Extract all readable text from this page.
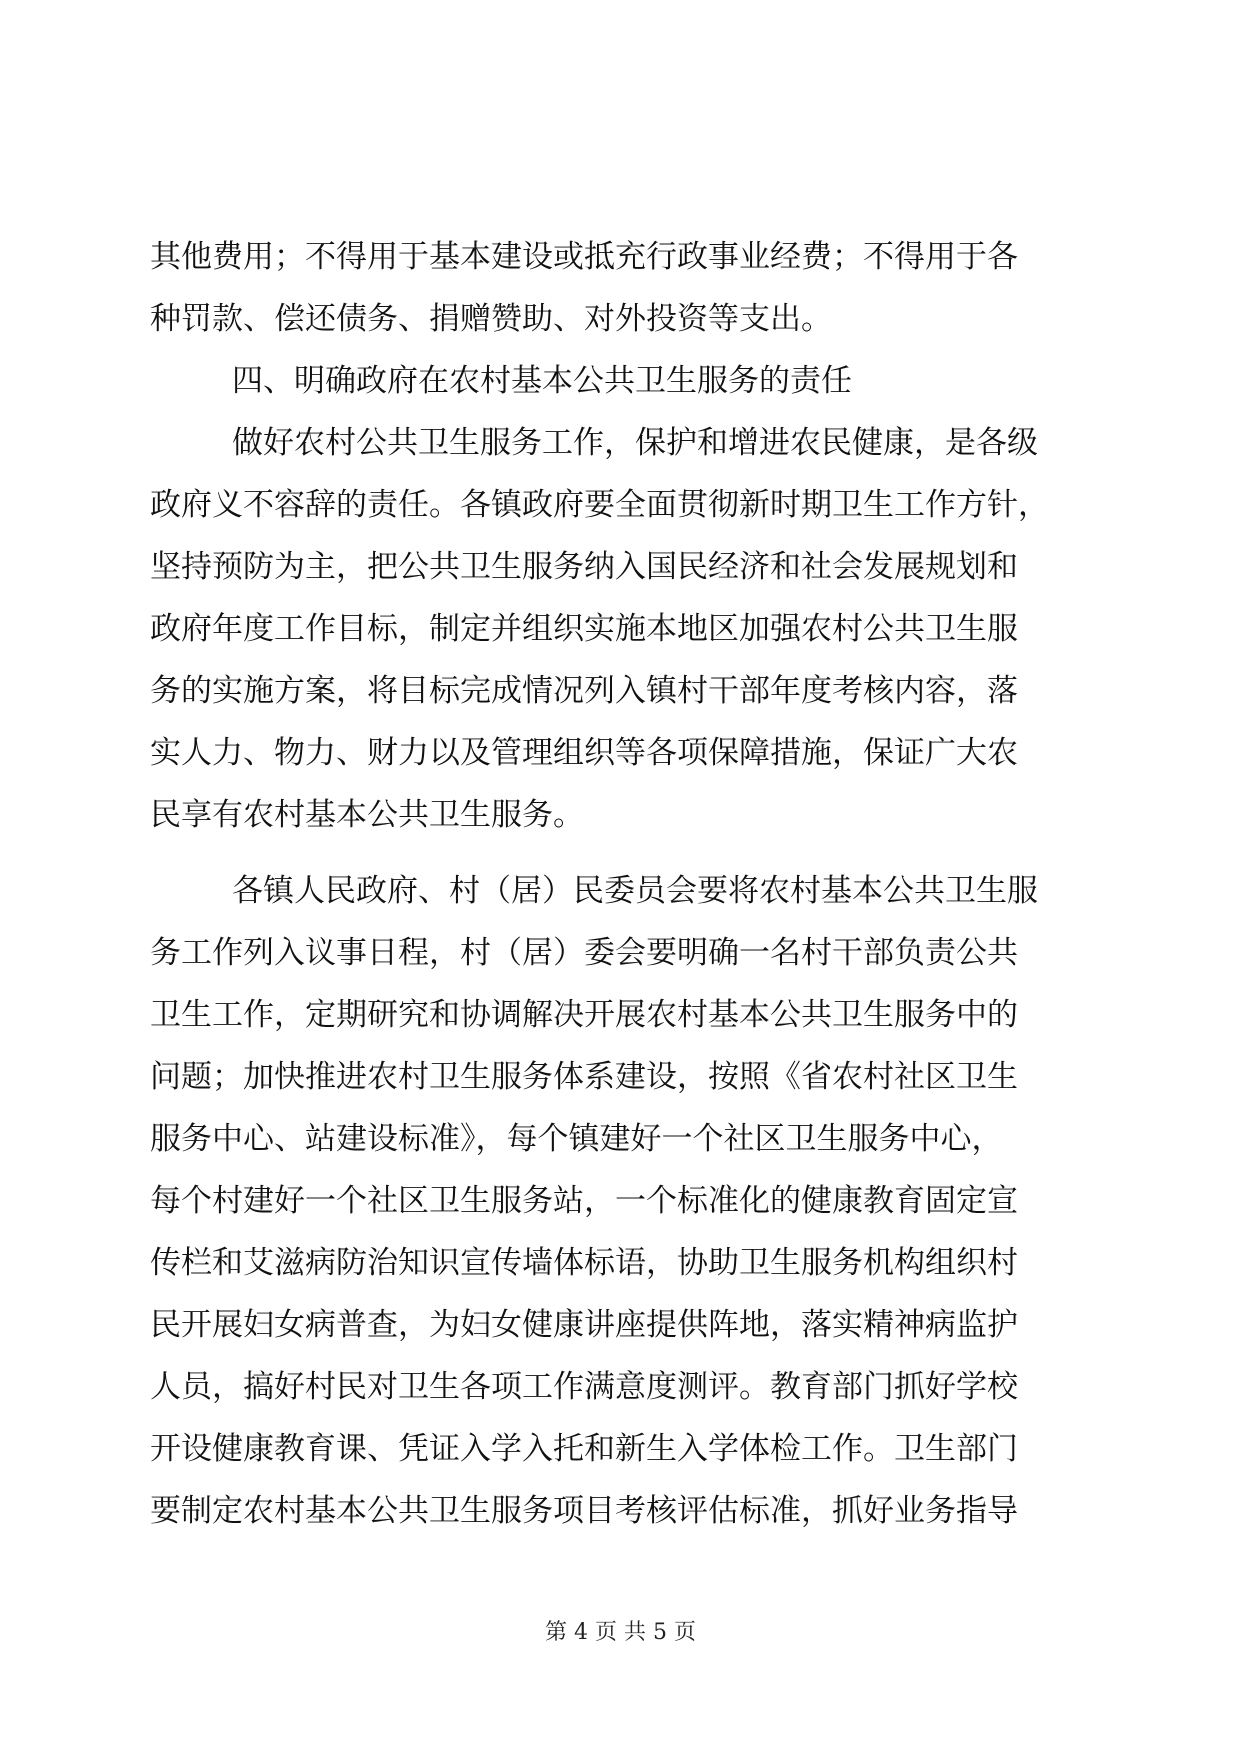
其他费用；不得用于基本建设或抵充行政事业经费；不得用于各
种罚款、偿还债务、捐赠赞助、对外投资等支出。
四、明确政府在农村基本公共卫生服务的责任
做好农村公共卫生服务工作，保护和增进农民健康，是各级
政府义不容辞的责任。各镇政府要全面贯彻新时期卫生工作方针，
坚持预防为主，把公共卫生服务纳入国民经济和社会发展规划和
政府年度工作目标，制定并组织实施本地区加强农村公共卫生服
务的实施方案，将目标完成情况列入镇村干部年度考核内容，落
实人力、物力、财力以及管理组织等各项保障措施，保证广大农
民享有农村基本公共卫生服务。
各镇人民政府、村（居）民委员会要将农村基本公共卫生服
务工作列入议事日程，村（居）委会要明确一名村干部负责公共
卫生工作，定期研究和协调解决开展农村基本公共卫生服务中的
问题；加快推进农村卫生服务体系建设，按照《省农村社区卫生
服务中心、站建设标准》，每个镇建好一个社区卫生服务中心，
每个村建好一个社区卫生服务站，一个标准化的健康教育固定宣
传栏和艾滋病防治知识宣传墙体标语，协助卫生服务机构组织村
民开展妇女病普查，为妇女健康讲座提供阵地，落实精神病监护
人员，搞好村民对卫生各项工作满意度测评。教育部门抓好学校
开设健康教育课、凭证入学入托和新生入学体检工作。卫生部门
要制定农村基本公共卫生服务项目考核评估标准，抓好业务指导
第 4 页 共 5 页
